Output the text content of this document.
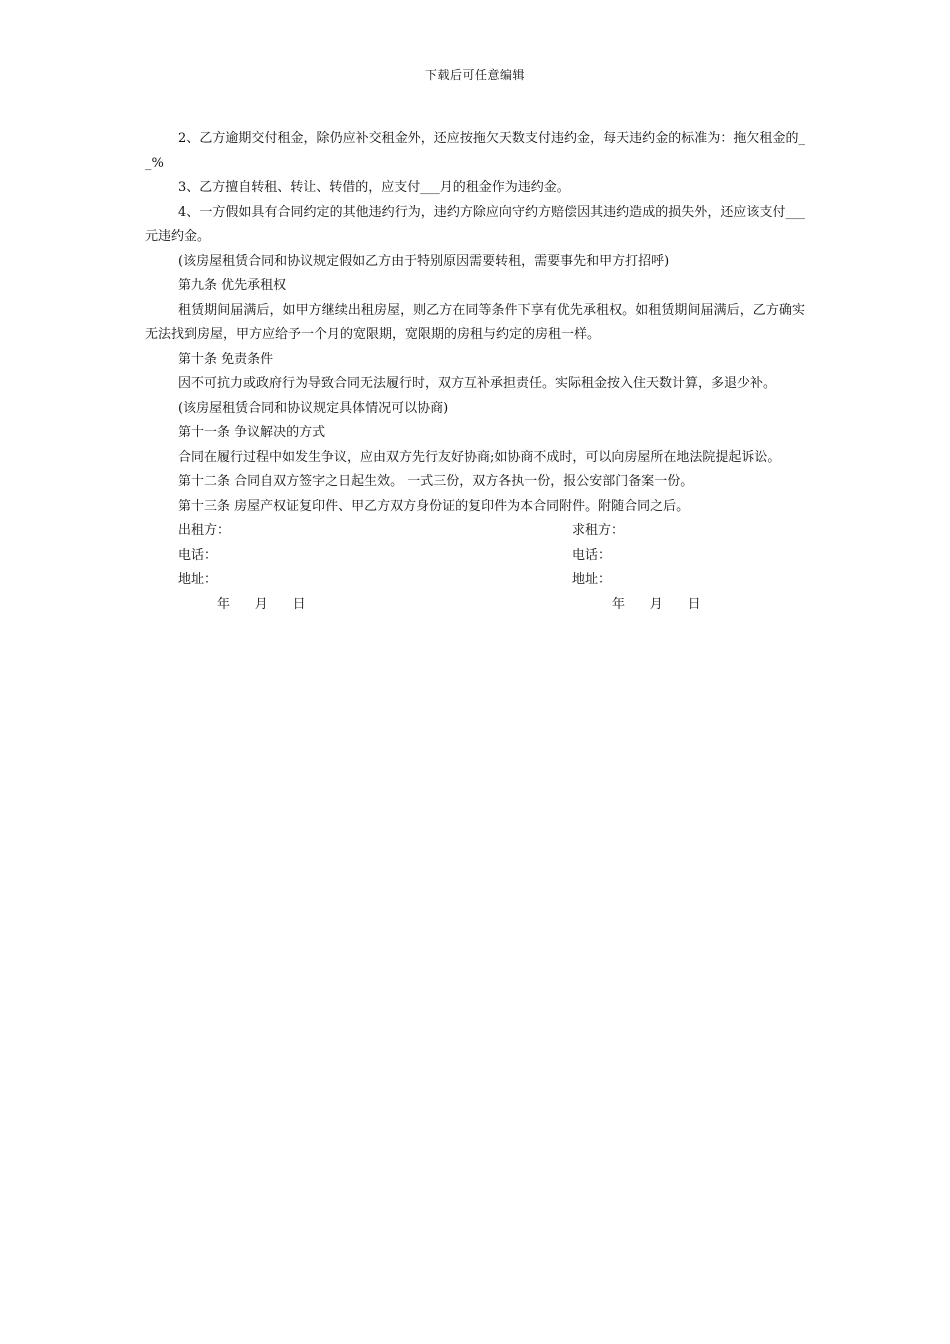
下载后可任意编辑

2、乙方逾期交付租金，除仍应补交租金外，还应按拖欠天数支付违约金，每天违约金的标准为：拖欠租金的__%

3、乙方擅自转租、转让、转借的，应支付___月的租金作为违约金。

4、一方假如具有合同约定的其他违约行为，违约方除应向守约方赔偿因其违约造成的损失外，还应该支付___元违约金。

(该房屋租赁合同和协议规定假如乙方由于特别原因需要转租，需要事先和甲方打招呼)

第九条 优先承租权

租赁期间届满后，如甲方继续出租房屋，则乙方在同等条件下享有优先承租权。如租赁期间届满后，乙方确实无法找到房屋，甲方应给予一个月的宽限期，宽限期的房租与约定的房租一样。

第十条 免责条件

因不可抗力或政府行为导致合同无法履行时，双方互补承担责任。实际租金按入住天数计算，多退少补。

(该房屋租赁合同和协议规定具体情况可以协商)

第十一条 争议解决的方式

合同在履行过程中如发生争议，应由双方先行友好协商;如协商不成时，可以向房屋所在地法院提起诉讼。

第十二条 合同自双方签字之日起生效。 一式三份，双方各执一份，报公安部门备案一份。

第十三条 房屋产权证复印件、甲乙方双方身份证的复印件为本合同附件。附随合同之后。

出租方：	求租方：
电话：	电话：
地址：	地址：
年      月      日	年      月      日
